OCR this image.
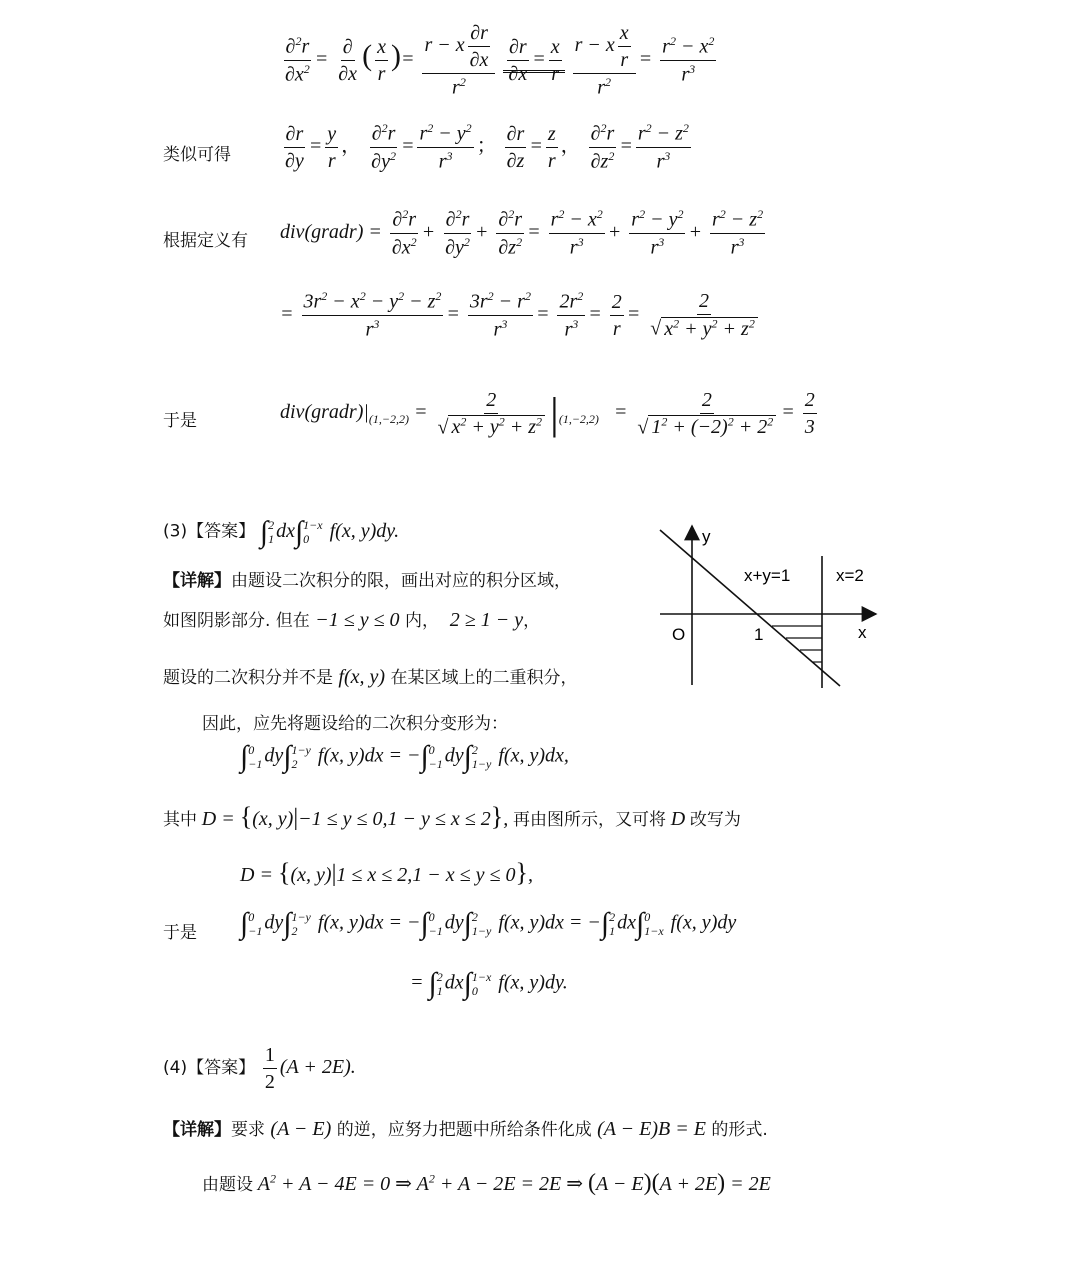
$\frac{\partial^2r}{\partial x^2} = \frac{\partial}{\partial x}$ ( $\frac{x}{r}$ )= $\frac{r - x \frac{\partial r}{\partial x}}{r^2}$
$\frac{\partial r}{\partial x} = \frac{x}{r}$
$\frac{r - x \frac{x}{r}}{r^2} = \frac{r^2 - x^2}{r^3}$
类似可得	$\frac{\partial r}{\partial y} = \frac{y}{r}$ ， $\frac{\partial^2r}{\partial y^2} = \frac{r^2 - y^2}{r^3}$ ； $\frac{\partial r}{\partial z} = \frac{z}{r}$ ， $\frac{\partial^2r}{\partial z^2} = \frac{r^2 - z^2}{r^3}$
根据定义有 div(gradr) = $\frac{\partial^2r}{\partial x^2} + \frac{\partial^2r}{\partial y^2} + \frac{\partial^2r}{\partial z^2} = \frac{r^2 - x^2}{r^3} + \frac{r^2 - y^2}{r^3} + \frac{r^2 - z^2}{r^3}$
= $\frac{3r^2 - x^2 - y^2 - z^2}{r^3} = \frac{3r^2 - r^2}{r^3} = \frac{2r^2}{r^3} = \frac{2}{r} = \frac{2}{√ x^2 + y^2 + z^2}$
于是	$div(gradr)|_{(1,-2,2)} = \frac{2}{√ x^2 + y^2 + z^2} |_{(1,-2,2)} = \frac{2}{√ 1^2 + (-2)^2 + 2^2} = \frac{2}{3}$
(3)【答案】 ∫ 2
1 dx∫ 1−x
0	f(x, y)dy.
【详解】由题设二次积分的限，画出对应的积分区域，
如图阴影部分. 但在 −1 ≤ y ≤ 0 内， 2 ≥ 1 − y，
题设的二次积分并不是 f(x, y) 在某区域上的二重积分，
因此，应先将题设给的二次积分变形为：
∫ 0
−1 dy∫ 1−y
2	f(x, y)dx = −∫ 0
−1 dy∫ 2
1−y f(x, y)dx,
其中 D = {(x, y)|−1 ≤ y ≤ 0,1 − y ≤ x ≤ 2}, 再由图所示，又可将 D 改写为
D = {(x, y)|1 ≤ x ≤ 2,1 − x ≤ y ≤ 0},
于是 ∫ 0
−1 dy∫ 1−y
2	f(x, y)dx = −∫ 0
−1 dy∫ 2
1−y f(x, y)dx = −∫ 2
1 dx∫ 0
1−x f(x, y)dy
= ∫ 2
1 dx∫ 1−x
0	f(x, y)dy.
y
x
O	1
x+y=1	x=2
(4)【答案】 $\frac{1}{2} (A + 2E)$.
【详解】要求 (A − E) 的逆，应努力把题中所给条件化成 (A − E)B = E 的形式.
由题设 $A^2 + A - 4E = 0$ ⇒ $A^2 + A - 2E = 2E$ ⇒ (A − E)(A + 2E) = 2E
